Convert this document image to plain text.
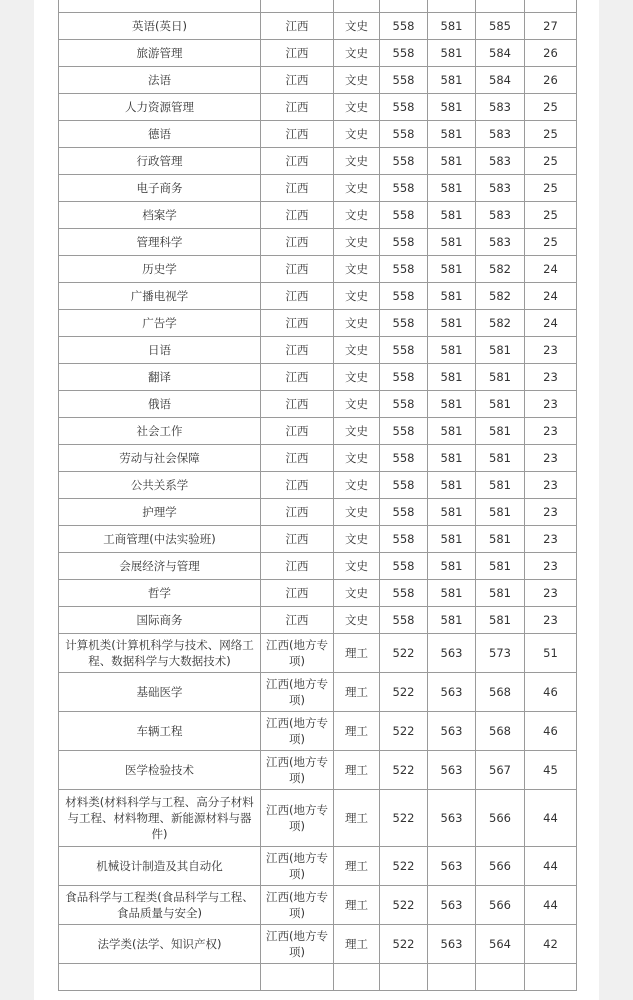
英语(英日)	江西	文史	558	581	585	27
旅游管理	江西	文史	558	581	584	26
法语	江西	文史	558	581	584	26
人力资源管理	江西	文史	558	581	583	25
德语	江西	文史	558	581	583	25
行政管理	江西	文史	558	581	583	25
电子商务	江西	文史	558	581	583	25
档案学	江西	文史	558	581	583	25
管理科学	江西	文史	558	581	583	25
历史学	江西	文史	558	581	582	24
广播电视学	江西	文史	558	581	582	24
广告学	江西	文史	558	581	582	24
日语	江西	文史	558	581	581	23
翻译	江西	文史	558	581	581	23
俄语	江西	文史	558	581	581	23
社会工作	江西	文史	558	581	581	23
劳动与社会保障	江西	文史	558	581	581	23
公共关系学	江西	文史	558	581	581	23
护理学	江西	文史	558	581	581	23
工商管理(中法实验班)	江西	文史	558	581	581	23
会展经济与管理	江西	文史	558	581	581	23
哲学	江西	文史	558	581	581	23
国际商务	江西	文史	558	581	581	23
计算机类(计算机科学与技术、网络工程、数据科学与大数据技术)	江西(地方专项)	理工	522	563	573	51
基础医学	江西(地方专项)	理工	522	563	568	46
车辆工程	江西(地方专项)	理工	522	563	568	46
医学检验技术	江西(地方专项)	理工	522	563	567	45
材料类(材料科学与工程、高分子材料与工程、材料物理、新能源材料与器件)	江西(地方专项)	理工	522	563	566	44
机械设计制造及其自动化	江西(地方专项)	理工	522	563	566	44
食品科学与工程类(食品科学与工程、食品质量与安全)	江西(地方专项)	理工	522	563	566	44
法学类(法学、知识产权)	江西(地方专项)	理工	522	563	564	42
